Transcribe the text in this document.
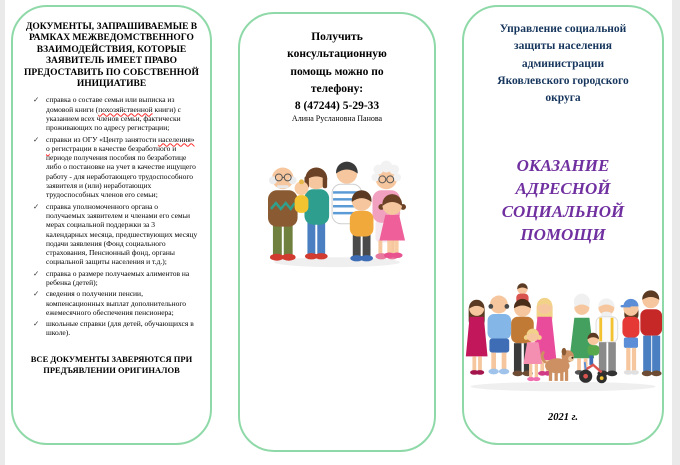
ДОКУМЕНТЫ, ЗАПРАШИВАЕМЫЕ В РАМКАХ МЕЖВЕДОМСТВЕННОГО ВЗАИМОДЕЙСТВИЯ, КОТОРЫЕ ЗАЯВИТЕЛЬ ИМЕЕТ ПРАВО ПРЕДОСТАВИТЬ ПО СОБСТВЕННОЙ ИНИЦИАТИВЕ
✓ справка о составе семьи или выписка из домовой книги (похозяйственной книги) с указанием всех членов семьи, фактически проживающих по адресу регистрации;
✓ справки из ОГУ «Центр занятости населения» о регистрации в качестве безработного и периоде получения пособия по безработице либо о постановке на учет в качестве ищущего работу - для неработающего трудоспособного заявителя и (или) неработающих трудоспособных членов его семьи;
✓ справка уполномоченного органа о получаемых заявителем и членами его семьи мерах социальной поддержки за 3 календарных месяца, предшествующих месяцу подачи заявления (Фонд социального страхования, Пенсионный фонд, органы социальной защиты населения и т.д.);
✓ справка о размере получаемых алиментов на ребенка (детей);
✓ сведения о получении пенсии, компенсационных выплат дополнительного ежемесячного обеспечения пенсионера;
✓ школьные справки (для детей, обучающихся в школе).
ВСЕ ДОКУМЕНТЫ ЗАВЕРЯЮТСЯ ПРИ ПРЕДЪЯВЛЕНИИ ОРИГИНАЛОВ
Получить консультационную помощь можно по телефону:
8 (47244) 5-29-33
Алина Руслановна Панова
Управление социальной защиты населения администрации Яковлевского городского округа
ОКАЗАНИЕ АДРЕСНОЙ СОЦИАЛЬНОЙ ПОМОЩИ
2021 г.
